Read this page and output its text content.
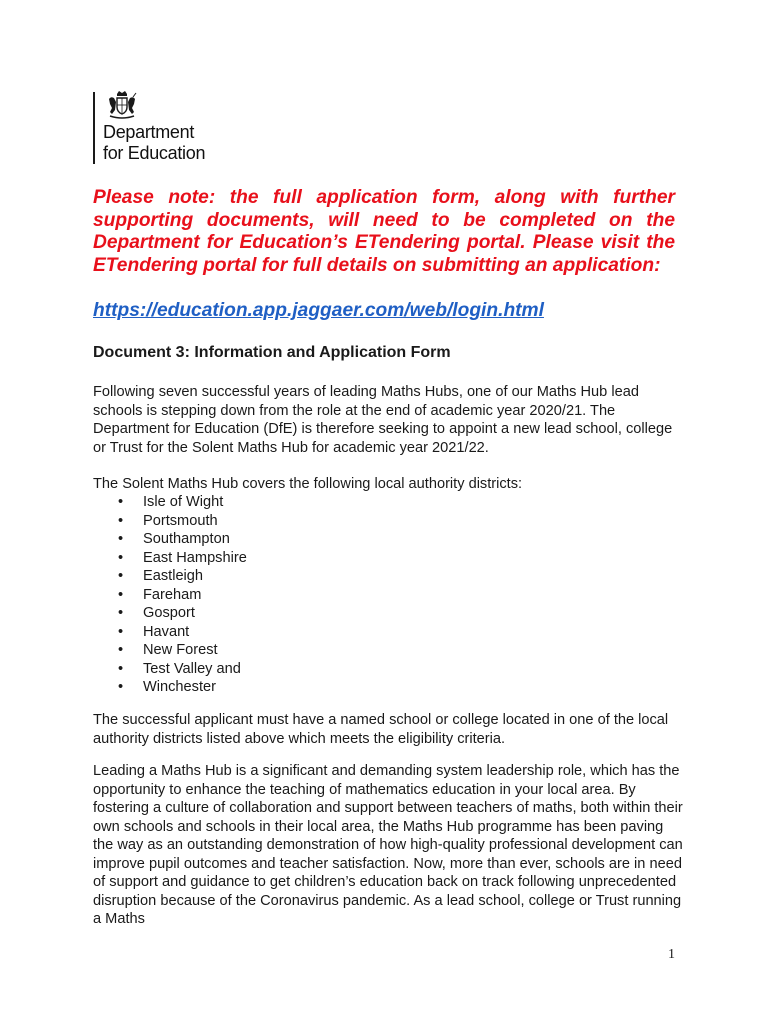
Department
for Education
Please note: the full application form, along with further supporting documents, will need to be completed on the Department for Education’s ETendering portal. Please visit the ETendering portal for full details on submitting an application:
https://education.app.jaggaer.com/web/login.html
Document 3: Information and Application Form
Following seven successful years of leading Maths Hubs, one of our Maths Hub lead schools is stepping down from the role at the end of academic year 2020/21. The Department for Education (DfE) is therefore seeking to appoint a new lead school, college or Trust for the Solent Maths Hub for academic year 2021/22.
The Solent Maths Hub covers the following local authority districts:
• Isle of Wight
• Portsmouth
• Southampton
• East Hampshire
• Eastleigh
• Fareham
• Gosport
• Havant
• New Forest
• Test Valley and
• Winchester
The successful applicant must have a named school or college located in one of the local authority districts listed above which meets the eligibility criteria.
Leading a Maths Hub is a significant and demanding system leadership role, which has the opportunity to enhance the teaching of mathematics education in your local area. By fostering a culture of collaboration and support between teachers of maths, both within their own schools and schools in their local area, the Maths Hub programme has been paving the way as an outstanding demonstration of how high-quality professional development can improve pupil outcomes and teacher satisfaction. Now, more than ever, schools are in need of support and guidance to get children’s education back on track following unprecedented disruption because of the Coronavirus pandemic. As a lead school, college or Trust running a Maths
1
